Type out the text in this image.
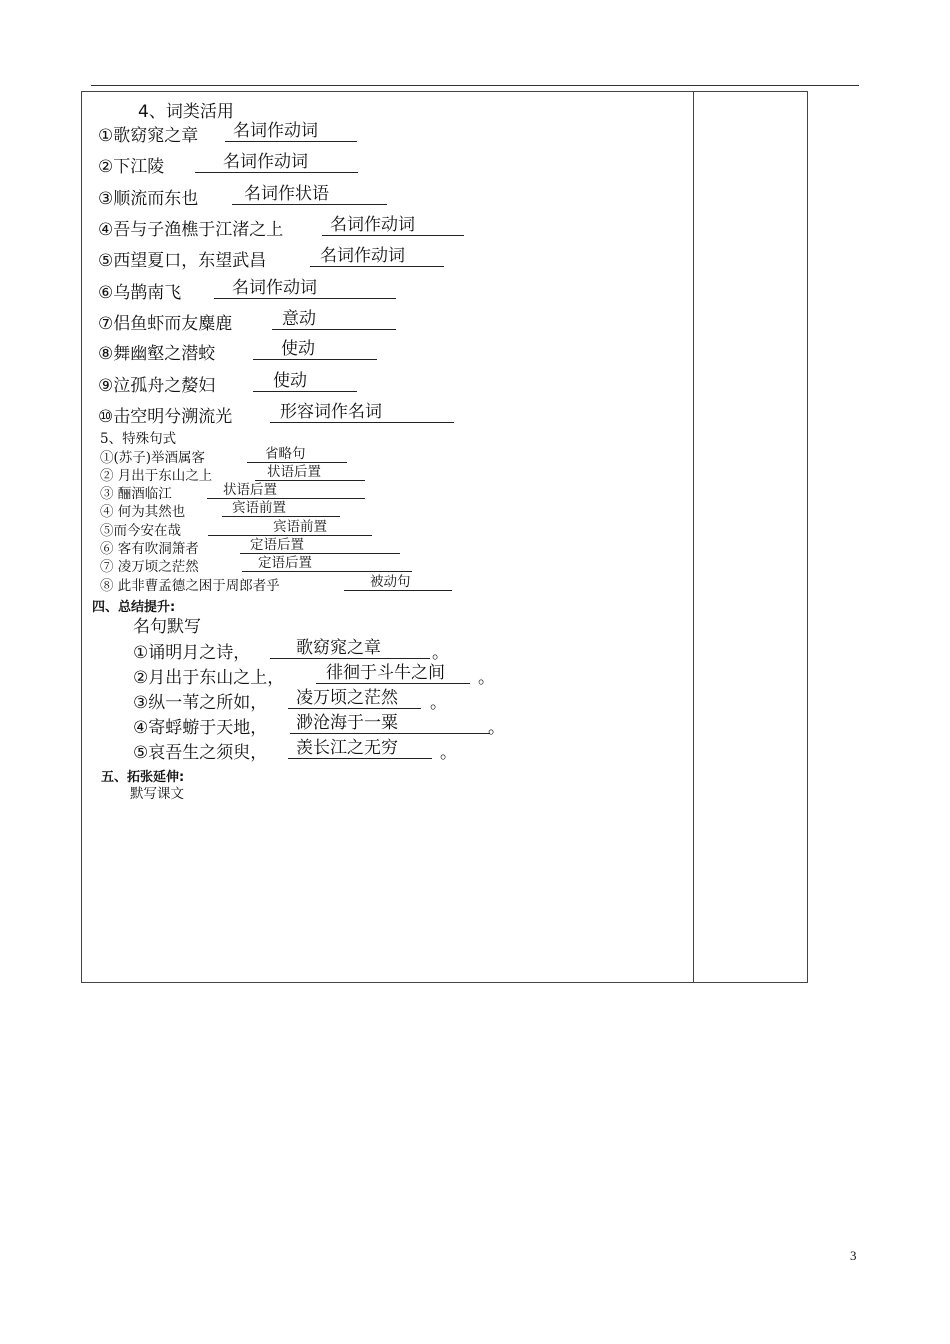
4、词类活用
①歌窈窕之章 名词作动词
②下江陵	名词作动词
③顺流而东也	名词作状语
④吾与子渔樵于江渚之上	名词作动词
⑤西望夏口，东望武昌	名词作动词
⑥乌鹊南飞	名词作动词
⑦侣鱼虾而友麋鹿	意动
⑧舞幽壑之潜蛟	使动
⑨泣孤舟之嫠妇	使动
⑩击空明兮溯流光	形容词作名词
5、特殊句式
①(苏子)举酒属客	省略句
② 月出于东山之上	状语后置
③ 酾酒临江	状语后置
④ 何为其然也	宾语前置
⑤而今安在哉	宾语前置
⑥ 客有吹洞箫者	定语后置
⑦ 凌万顷之茫然	定语后置
⑧ 此非曹孟德之困于周郎者乎	被动句
四、总结提升:
名句默写
①诵明月之诗，	歌窈窕之章	。
②月出于东山之上， 徘徊于斗牛之间 。
③纵一苇之所如， 凌万顷之茫然 。
④寄蜉蝣于天地， 渺沧海于一粟	。
⑤哀吾生之须臾， 羡长江之无穷 。
五、拓张延伸:
默写课文
3
